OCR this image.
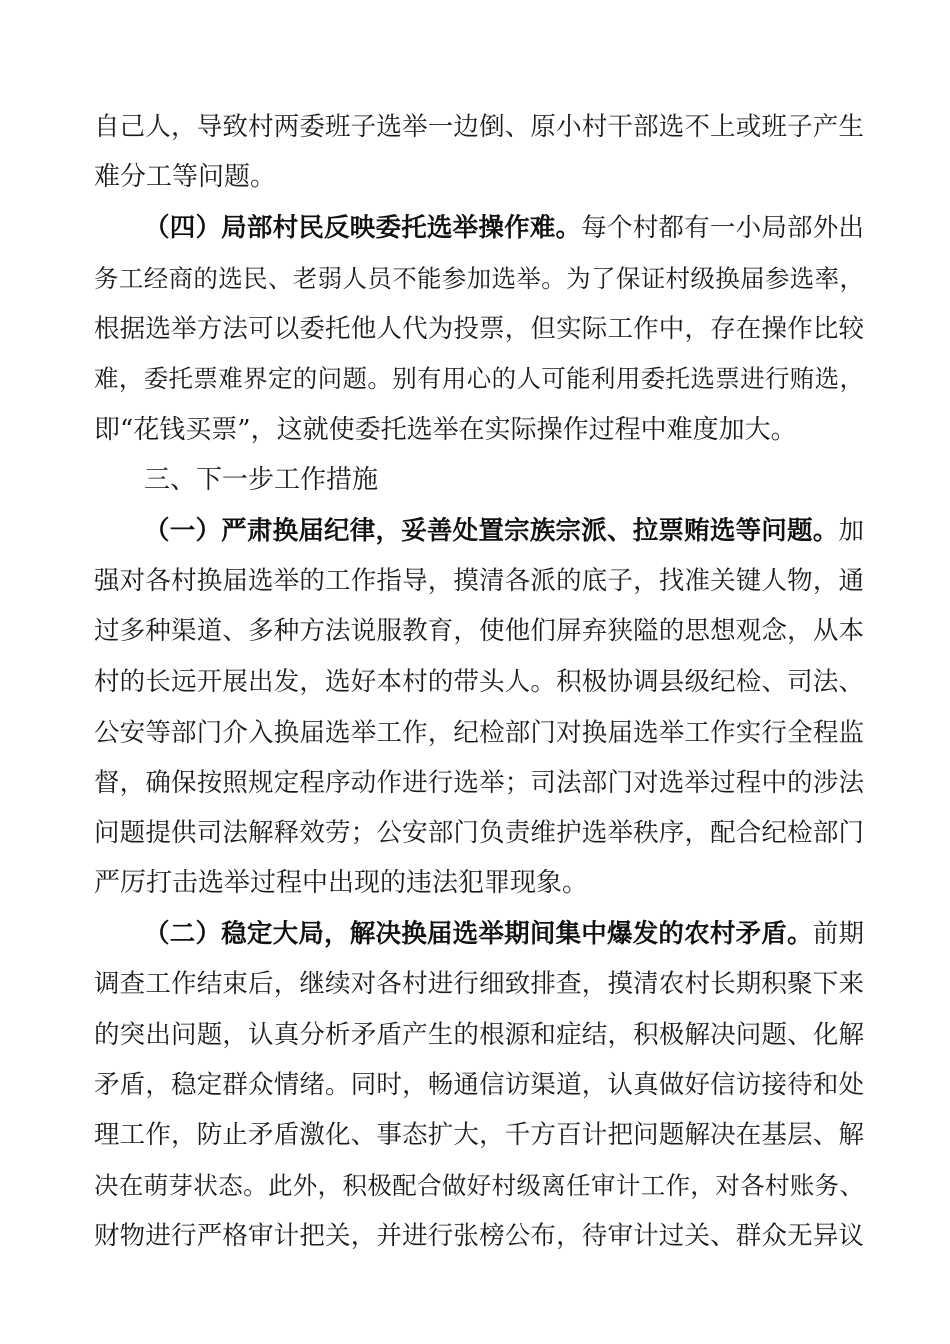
自己人，导致村两委班子选举一边倒、原小村干部选不上或班子产生
难分工等问题。
（四）局部村民反映委托选举操作难。每个村都有一小局部外出
务工经商的选民、老弱人员不能参加选举。为了保证村级换届参选率，
根据选举方法可以委托他人代为投票，但实际工作中，存在操作比较
难，委托票难界定的问题。别有用心的人可能利用委托选票进行贿选，
即“花钱买票”，这就使委托选举在实际操作过程中难度加大。
三、下一步工作措施
（一）严肃换届纪律，妥善处置宗族宗派、拉票贿选等问题。加
强对各村换届选举的工作指导，摸清各派的底子，找准关键人物，通
过多种渠道、多种方法说服教育，使他们屏弃狭隘的思想观念，从本
村的长远开展出发，选好本村的带头人。积极协调县级纪检、司法、
公安等部门介入换届选举工作，纪检部门对换届选举工作实行全程监
督，确保按照规定程序动作进行选举；司法部门对选举过程中的涉法
问题提供司法解释效劳；公安部门负责维护选举秩序，配合纪检部门
严厉打击选举过程中出现的违法犯罪现象。
（二）稳定大局，解决换届选举期间集中爆发的农村矛盾。前期
调查工作结束后，继续对各村进行细致排查，摸清农村长期积聚下来
的突出问题，认真分析矛盾产生的根源和症结，积极解决问题、化解
矛盾，稳定群众情绪。同时，畅通信访渠道，认真做好信访接待和处
理工作，防止矛盾激化、事态扩大，千方百计把问题解决在基层、解
决在萌芽状态。此外，积极配合做好村级离任审计工作，对各村账务、
财物进行严格审计把关，并进行张榜公布，待审计过关、群众无异议
